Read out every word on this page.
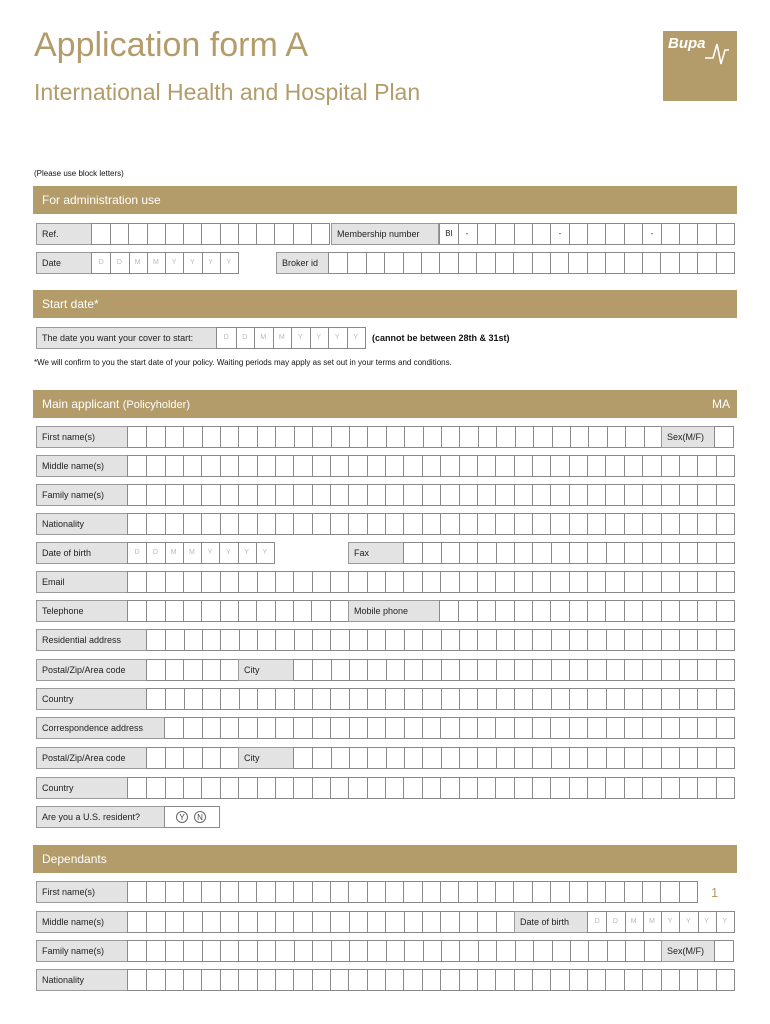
Application form A
International Health and Hospital Plan
Bupa
(Please use block letters)
For administration use
Ref.	Membership number	BI	-	-	-
Date	D	D	M	M	Y	Y	Y	Y	Broker id
Start date*
The date you want your cover to start:	D	D	M	M	Y	Y	Y	Y	(cannot be between 28th & 31st)
*We will confirm to you the start date of your policy. Waiting periods may apply as set out in your terms and conditions.
Main applicant (Policyholder)	MA
First name(s)	Sex(M/F)
Middle name(s)
Family name(s)
Nationality
Date of birth	D	D	M	M	Y	Y	Y	Y	Fax
Email
Telephone	Mobile phone
Residential address
Postal/Zip/Area code	City
Country
Correspondence address
Postal/Zip/Area code	City
Country
Are you a U.S. resident?	Y	N
Dependants
First name(s)	1
Middle name(s)	Date of birth	D	D	M	M	Y	Y	Y	Y
Family name(s)	Sex(M/F)
Nationality
